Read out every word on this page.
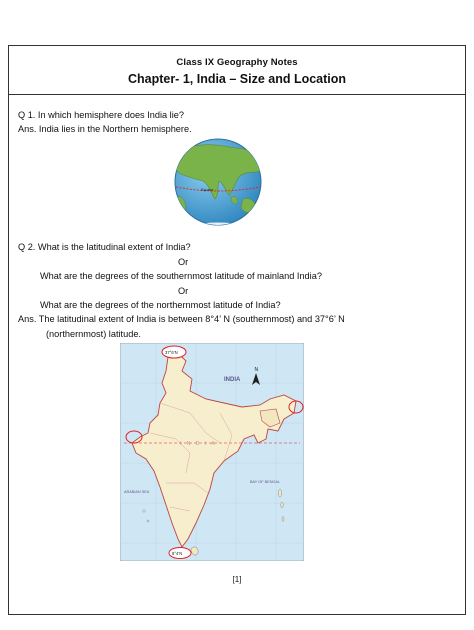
Class IX Geography Notes
Chapter- 1, India – Size and Location
Q 1. In which hemisphere does India lie?
Ans. India lies in the Northern hemisphere.
Equator
Q 2. What is the latitudinal extent of India?
Or
What are the degrees of the southernmost latitude of mainland India?
Or
What are the degrees of the northernmost latitude of India?
Ans. The latitudinal extent of India is between 8°4’ N (southernmost) and 37°6’ N
(northernmost) latitude.
INDIA
I N D I A
ARABIAN SEA
BAY OF BENGAL
N
37°6’N
8°4’N
[1]
